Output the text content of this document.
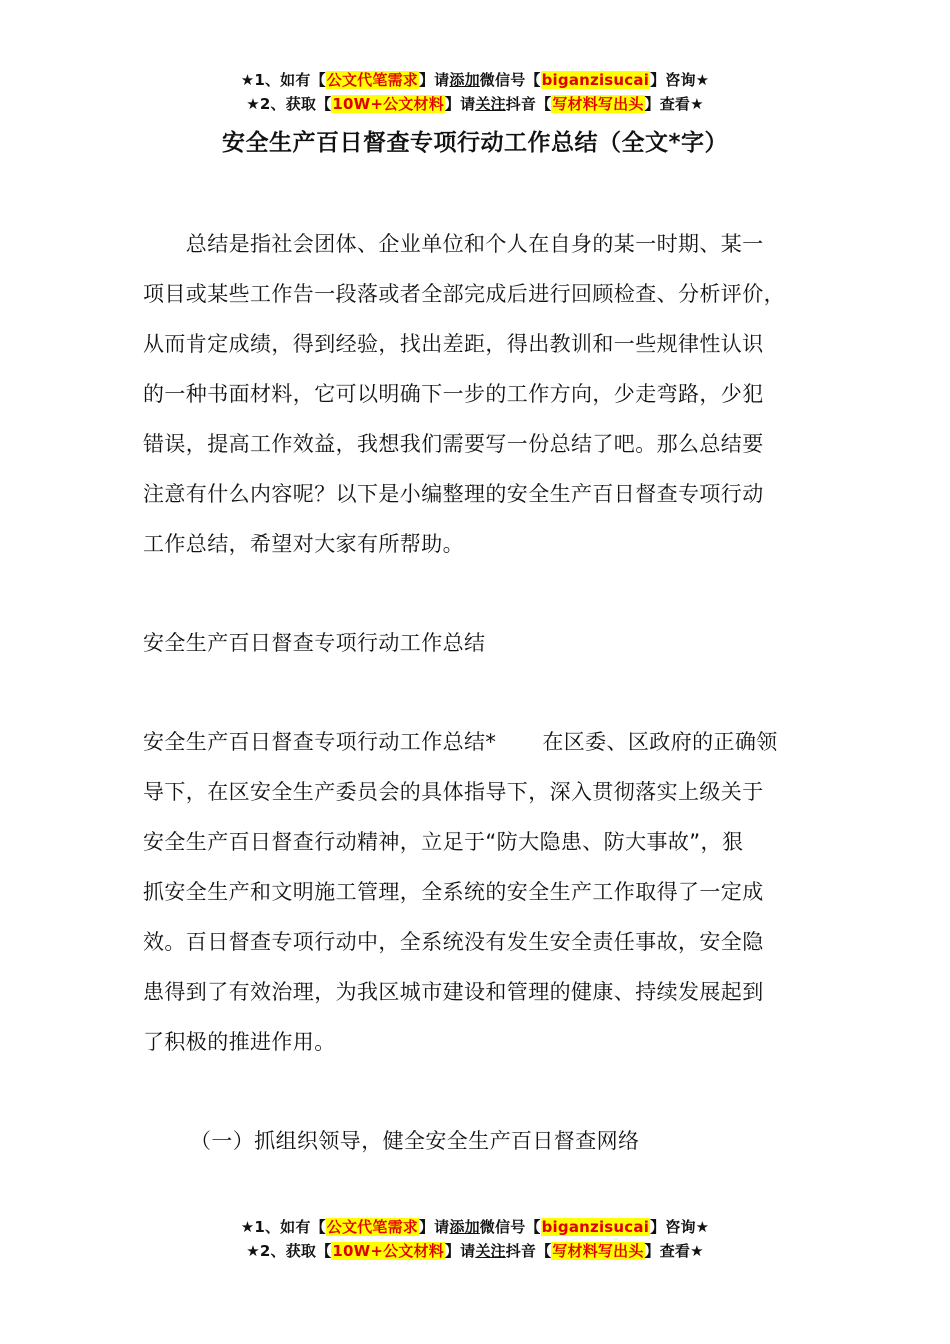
★1、如有【公文代笔需求】请添加微信号【biganzisucai】咨询★
★2、获取【10W+公文材料】请关注抖音【写材料写出头】查看★
安全生产百日督查专项行动工作总结（全文*字）
　　总结是指社会团体、企业单位和个人在自身的某一时期、某一
项目或某些工作告一段落或者全部完成后进行回顾检查、分析评价，
从而肯定成绩，得到经验，找出差距，得出教训和一些规律性认识
的一种书面材料，它可以明确下一步的工作方向，少走弯路，少犯
错误，提高工作效益，我想我们需要写一份总结了吧。那么总结要
注意有什么内容呢？以下是小编整理的安全生产百日督查专项行动
工作总结，希望对大家有所帮助。
安全生产百日督查专项行动工作总结
安全生产百日督查专项行动工作总结* 在区委、区政府的正确领
导下，在区安全生产委员会的具体指导下，深入贯彻落实上级关于
安全生产百日督查行动精神，立足于“防大隐患、防大事故”，狠
抓安全生产和文明施工管理，全系统的安全生产工作取得了一定成
效。百日督查专项行动中，全系统没有发生安全责任事故，安全隐
患得到了有效治理，为我区城市建设和管理的健康、持续发展起到
了积极的推进作用。
（一）抓组织领导，健全安全生产百日督查网络
★1、如有【公文代笔需求】请添加微信号【biganzisucai】咨询★
★2、获取【10W+公文材料】请关注抖音【写材料写出头】查看★
